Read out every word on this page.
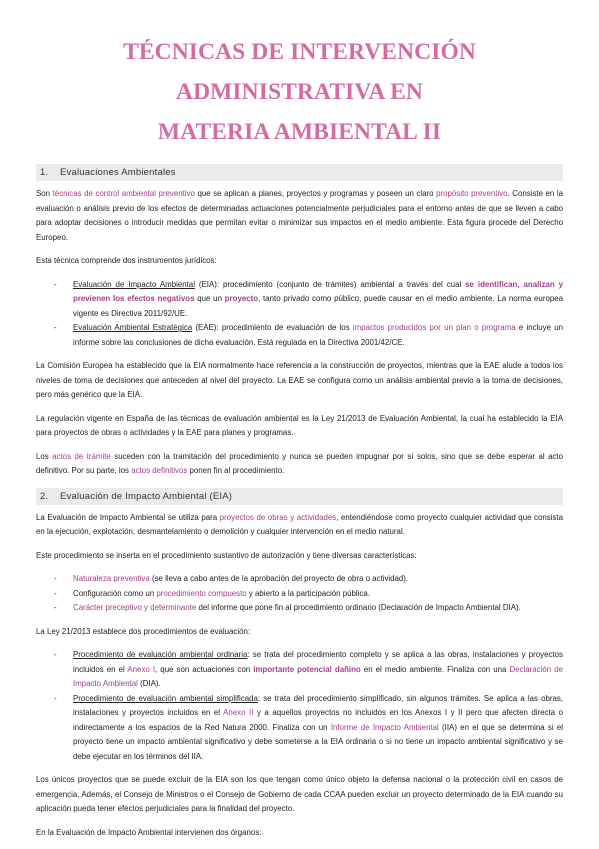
TÉCNICAS DE INTERVENCIÓN ADMINISTRATIVA EN
MATERIA AMBIENTAL II
1. Evaluaciones Ambientales

Son técnicas de control ambiental preventivo que se aplican a planes, proyectos y programas y poseen un claro propósito preventivo. Consiste en la evaluación o análisis previo de los efectos de determinadas actuaciones potencialmente perjudiciales para el entorno antes de que se lleven a cabo para adoptar decisiones o introducir medidas que permitan evitar o minimizar sus impactos en el medio ambiente. Esta figura procede del Derecho Europeo.

Esta técnica comprende dos instrumentos jurídicos:

- Evaluación de Impacto Ambiental (EIA): procedimiento (conjunto de trámites) ambiental a través del cual se identifican, analizan y previenen los efectos negativos que un proyecto, tanto privado como público, puede causar en el medio ambiente. La norma europea vigente es Directiva 2011/92/UE.
- Evaluación Ambiental Estratégica (EAE): procedimiento de evaluación de los impactos producidos por un plan o programa e incluye un informe sobre las conclusiones de dicha evaluación. Está regulada en la Directiva 2001/42/CE.

La Comisión Europea ha establecido que la EIA normalmente hace referencia a la construcción de proyectos, mientras que la EAE alude a todos los niveles de toma de decisiones que anteceden al nivel del proyecto. La EAE se configura como un análisis ambiental previo a la toma de decisiones, pero más genérico que la EIA.

La regulación vigente en España de las técnicas de evaluación ambiental es la Ley 21/2013 de Evaluación Ambiental, la cual ha establecido la EIA para proyectos de obras o actividades y la EAE para planes y programas.

Los actos de trámite suceden con la tramitación del procedimiento y nunca se pueden impugnar por sí solos, sino que se debe esperar al acto definitivo. Por su parte, los actos definitivos ponen fin al procedimiento.

2. Evaluación de Impacto Ambiental (EIA)

La Evaluación de Impacto Ambiental se utiliza para proyectos de obras y actividades, entendiéndose como proyecto cualquier actividad que consista en la ejecución, explotación, desmantelamiento o demolición y cualquier intervención en el medio natural.

Este procedimiento se inserta en el procedimiento sustantivo de autorización y tiene diversas características:

- Naturaleza preventiva (se lleva a cabo antes de la aprobación del proyecto de obra o actividad).
- Configuración como un procedimiento compuesto y abierto a la participación pública.
- Carácter preceptivo y determinante del informe que pone fin al procedimiento ordinario (Declaración de Impacto Ambiental DIA).

La Ley 21/2013 establece dos procedimientos de evaluación:

- Procedimiento de evaluación ambiental ordinaria: se trata del procedimiento completo y se aplica a las obras, instalaciones y proyectos incluidos en el Anexo I, que son actuaciones con importante potencial dañino en el medio ambiente. Finaliza con una Declaración de Impacto Ambiental (DIA).
- Procedimiento de evaluación ambiental simplificada: se trata del procedimiento simplificado, sin algunos trámites. Se aplica a las obras, instalaciones y proyectos incluidos en el Anexo II y a aquellos proyectos no incluidos en los Anexos I y II pero que afecten directa o indirectamente a los espacios de la Red Natura 2000. Finaliza con un Informe de Impacto Ambiental (IIA) en el que se determina si el proyecto tiene un impacto ambiental significativo y debe someterse a la EIA ordinaria o si no tiene un impacto ambiental significativo y se debe ejecutar en los términos del IIA.

Los únicos proyectos que se puede excluir de la EIA son los que tengan como único objeto la defensa nacional o la protección civil en casos de emergencia. Además, el Consejo de Ministros o el Consejo de Gobierno de cada CCAA pueden excluir un proyecto determinado de la EIA cuando su aplicación pueda tener efectos perjudiciales para la finalidad del proyecto.

En la Evaluación de Impacto Ambiental intervienen dos órganos:
